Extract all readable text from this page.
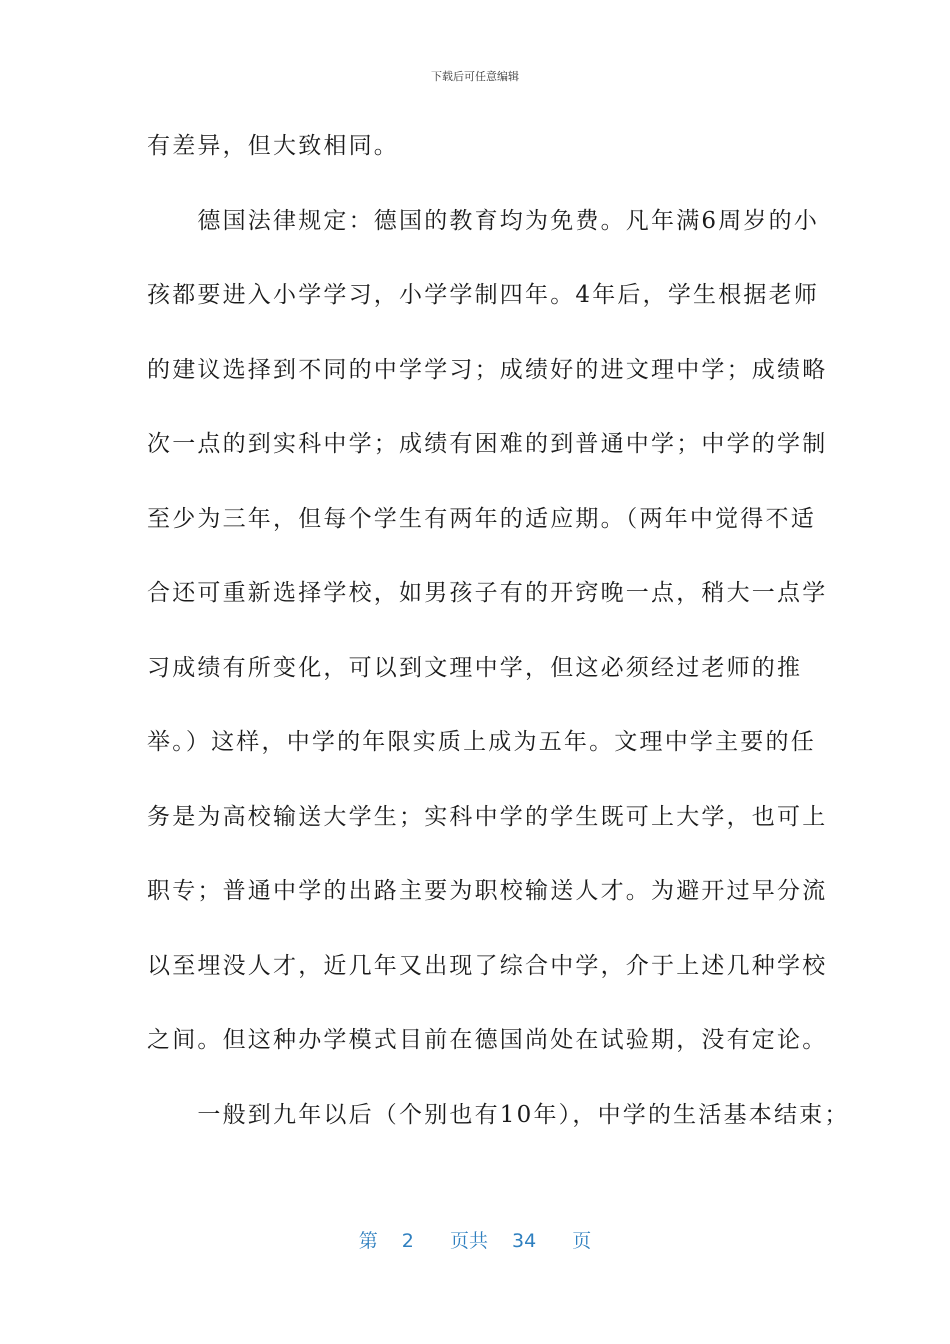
下载后可任意编辑
有差异，但大致相同。
　　德国法律规定：德国的教育均为免费。凡年满6周岁的小
孩都要进入小学学习，小学学制四年。4年后，学生根据老师
的建议选择到不同的中学学习；成绩好的进文理中学；成绩略
次一点的到实科中学；成绩有困难的到普通中学；中学的学制
至少为三年，但每个学生有两年的适应期。（两年中觉得不适
合还可重新选择学校，如男孩子有的开窍晚一点，稍大一点学
习成绩有所变化，可以到文理中学，但这必须经过老师的推
举。）这样，中学的年限实质上成为五年。文理中学主要的任
务是为高校输送大学生；实科中学的学生既可上大学，也可上
职专；普通中学的出路主要为职校输送人才。为避开过早分流
以至埋没人才，近几年又出现了综合中学，介于上述几种学校
之间。但这种办学模式目前在德国尚处在试验期，没有定论。
　　一般到九年以后（个别也有10年），中学的生活基本结束；
第 2 页共 34 页
